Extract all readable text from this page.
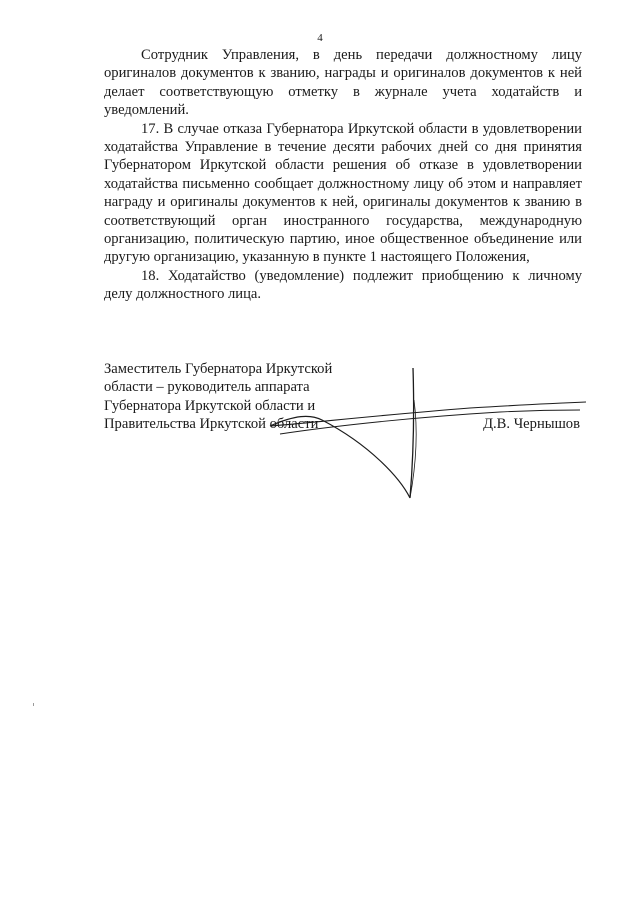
4

Сотрудник Управления, в день передачи должностному лицу оригиналов документов к званию, награды и оригиналов документов к ней делает соответствующую отметку в журнале учета ходатайств и уведомлений.

17. В случае отказа Губернатора Иркутской области в удовлетворении ходатайства Управление в течение десяти рабочих дней со дня принятия Губернатором Иркутской области решения об отказе в удовлетворении ходатайства письменно сообщает должностному лицу об этом и направляет награду и оригиналы документов к ней, оригиналы документов к званию в соответствующий орган иностранного государства, международную организацию, политическую партию, иное общественное объединение или другую организацию, указанную в пункте 1 настоящего Положения,

18. Ходатайство (уведомление) подлежит приобщению к личному делу должностного лица.

Заместитель Губернатора Иркутской
области – руководитель аппарата
Губернатора Иркутской области и
Правительства Иркутской области	Д.В. Чернышов
